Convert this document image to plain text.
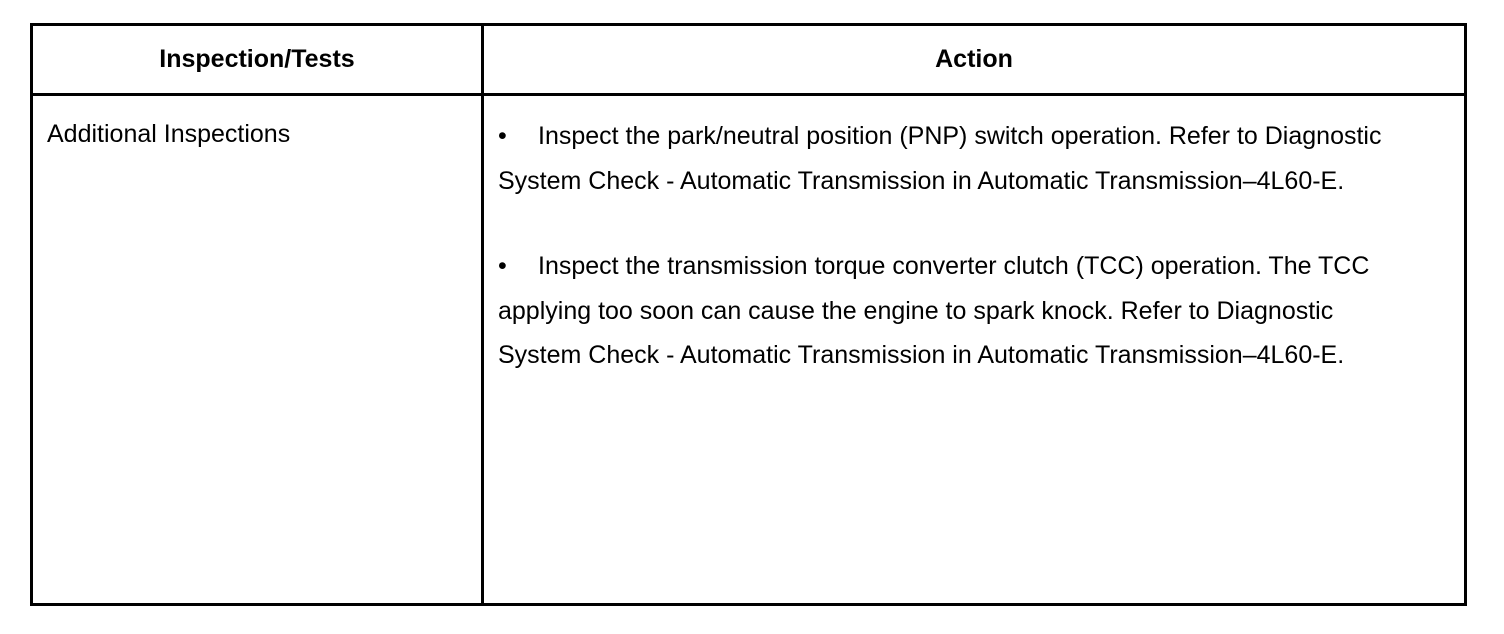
Inspection/Tests	Action
Additional Inspections	• Inspect the park/neutral position (PNP) switch operation. Refer to Diagnostic System Check - Automatic Transmission in Automatic Transmission–4L60-E.

• Inspect the transmission torque converter clutch (TCC) operation. The TCC applying too soon can cause the engine to spark knock. Refer to Diagnostic System Check - Automatic Transmission in Automatic Transmission–4L60-E.
